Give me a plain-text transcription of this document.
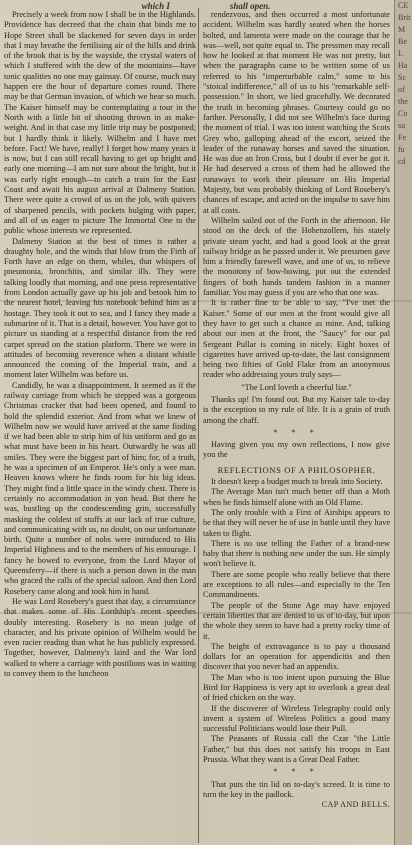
which I	shall open.

Precisely a week from now I shall be in the Highlands. Providence has decreed that the chain that binds me to Hope Street shall be slackened for seven days in order that I may breathe the fertilising air of the hills and drink of the brook that is by the wayside, the crystal waters of which I stuffered with the dew of the mountains—have tonic qualities no one may gainsay. Of course, much may happen ere the hour of departure comes round. There may be that German invasion, of which we hear so much. The Kaiser himself may be contemplating a tour in the North with a little bit of shooting thrown in as make-weight. And in that case my little trip may be postponed; but I hardly think it likely. Wilhelm and I have met before. Fact! We have, really! I forget how many years it is now, but I can still recall having to get up bright and early one morning—I am not sure about the bright, but it was early right enough—to catch a train for the East Coast and await his august arrival at Dalmeny Station. There were quite a crowd of us on the job, with quivers of sharpened pencils, with pockets bulging with paper, and all of us eager to picture The Immortal One to the public whose interests we represented.

Dalmeny Station at the best of times is rather a draughty hole, and the winds that blow from the Firth of Forth have an edge on them, whiles, that whispers of pneumonia, bronchitis, and similar ills. They were talking loudly that morning, and one press representative from London actually gave up his job and betook him to the nearest hotel, leaving his notebook behind him as a hostage. They took it out to sea, and I fancy they made a submarine of it. That is a detail, however. You have got to picture us standing at a respectful distance from the red carpet spread on the station platform. There we were in attitudes of becoming reverence when a distant whistle announced the coming of the Imperial train, and a moment later Wilhelm was before us.

Candidly, he was a disappointment. It seemed as if the railway carriage from which he stepped was a gorgeous Christmas cracker that had been opened, and found to hold the splendid exterior. And from what we knew of Wilhelm now we would have arrived at the same finding if we had been able to strip him of his uniform and go as what must have been in his heart. Outwardly he was all smiles. They were the biggest part of him; for, of a truth, he was a specimen of an Emperor. He's only a wee man. Heaven knows where he finds room for his big ideas. They might find a little space in the windy chest. There is certainly no accommodation in yon head. But there he was, bustling up the condescending grin, successfully masking the coldest of stuffs at our lack of true culture, and communicating with us, no doubt, on our unfortunate birth. Quite a number of nobs were introduced to His Imperial Highness and to the members of his entourage. I fancy he bowed to everyone, from the Lord Mayor of Queensferry—if there is such a person down in the man who graced the calls of the special saloon. And then Lord Rosebery came along and took him in hand.

He was Lord Rosebery's guest that day, a circumstance that makes some of His Lordship's recent speeches doubly interesting. Rosebery is no mean judge of character, and his private opinion of Wilhelm would be even racier reading than what he has publicly expressed. Together, however, Dalmeny's laird and the War lord walked to where a carriage with postilions was in waiting to convey them to the luncheon

rendezvous, and then occurred a most unfortunate accident. Wilhelm was hardly seated when the horses bolted, and lamenta were made on the courage that he was—well, not quite equal to. The pressmen may recall how he looked at that moment He was not pretty, but when the paragraphs came to be written some of us referred to his "imperturbable calm," some to his "stoical indifference," all of us to his "remarkable self-possession." In short, we lied gracefully. We decorated the truth in becoming phrases. Courtesy could go no farther. Personally, I did not see Wilhelm's face during the moment of trial. I was too intent watching the Scots Grey who, galloping ahead of the escort, seized the leader of the runaway horses and saved the situation. He was due an Iron Cross, but I doubt if ever he got it. He had deserved a cross of them had he allowed the runaways to work their pleasure on His Imperial Majesty, but was probably thinking of Lord Rosebery's chances of escape, and acted on the impulse to save him at all costs.

Wilhelm sailed out of the Forth in the afternoon. He stood on the deck of the Hohenzollern, his stately private steam yacht, and had a good look at the great railway bridge as he passed under it. We pressmen gave him a friendly farewell wave, and one of us, to relieve the monotony of bow-bowing, put out the extended fingers of both hands tandem fashion in a manner familiar. You may guess if you are who that one was.

It is rather fine to be able to say, "I've met the Kaiser." Some of our men at the front would give all they have to get such a chance as mine. And, talking about our men at the front, the "Saucy" for our pal Sergeant Pullar is coming in nicely. Eight boxes of cigarettes have arrived up-to-date, the last consignment being two fifties of Gold Flake from an anonymous reader who addressing yours truly says—

"The Lord loveth a cheerful liar."

Thanks up! I'm found out. But my Kaiser tale to-day is the exception to my rule of life. It is a grain of truth among the chaff.

* * *

Having given you my own reflections, I now give you the

REFLECTIONS OF A PHILOSOPHER.

It doesn't keep a budget much to break into Society.

The Average Man isn't much better off than a Moth when he finds himself alone with an Old Flame.

The only trouble with a First of Airships appears to be that they will never be of use in battle until they have taken to flight.

There is no use telling the Father of a brand-new baby that there is nothing new under the sun. He simply won't believe it.

There are some people who really believe that there are exceptions to all rules—and especially to the Ten Commandments.

The people of the Stone Age may have enjoyed certain liberties that are denied to us of to-day, but upon the whole they seem to have had a pretty rocky time of it.

The height of extravagance is to pay a thousand dollars for an operation for appendicitis and then discover that you never had an appendix.

The Man who is too intent upon pursuing the Blue Bird for Happiness is very apt to overlook a great deal of fried chicken on the way.

If the discoverer of Wireless Telegraphy could only invent a system of Wireless Politics a good many successful Politicians would lose their Pull.

The Peasants of Russia call the Czar "the Little Father," but this does not satisfy his troops in East Prussia. What they want is a Great Deal Father.

* * *

That puts the tin lid on to-day's screed. It is time to turn the key in the padlock.

CAP AND BELLS.

CE
Brit
M
Be
L
Ha
Sc
of
the
Co
su
Fe
fu
cd
